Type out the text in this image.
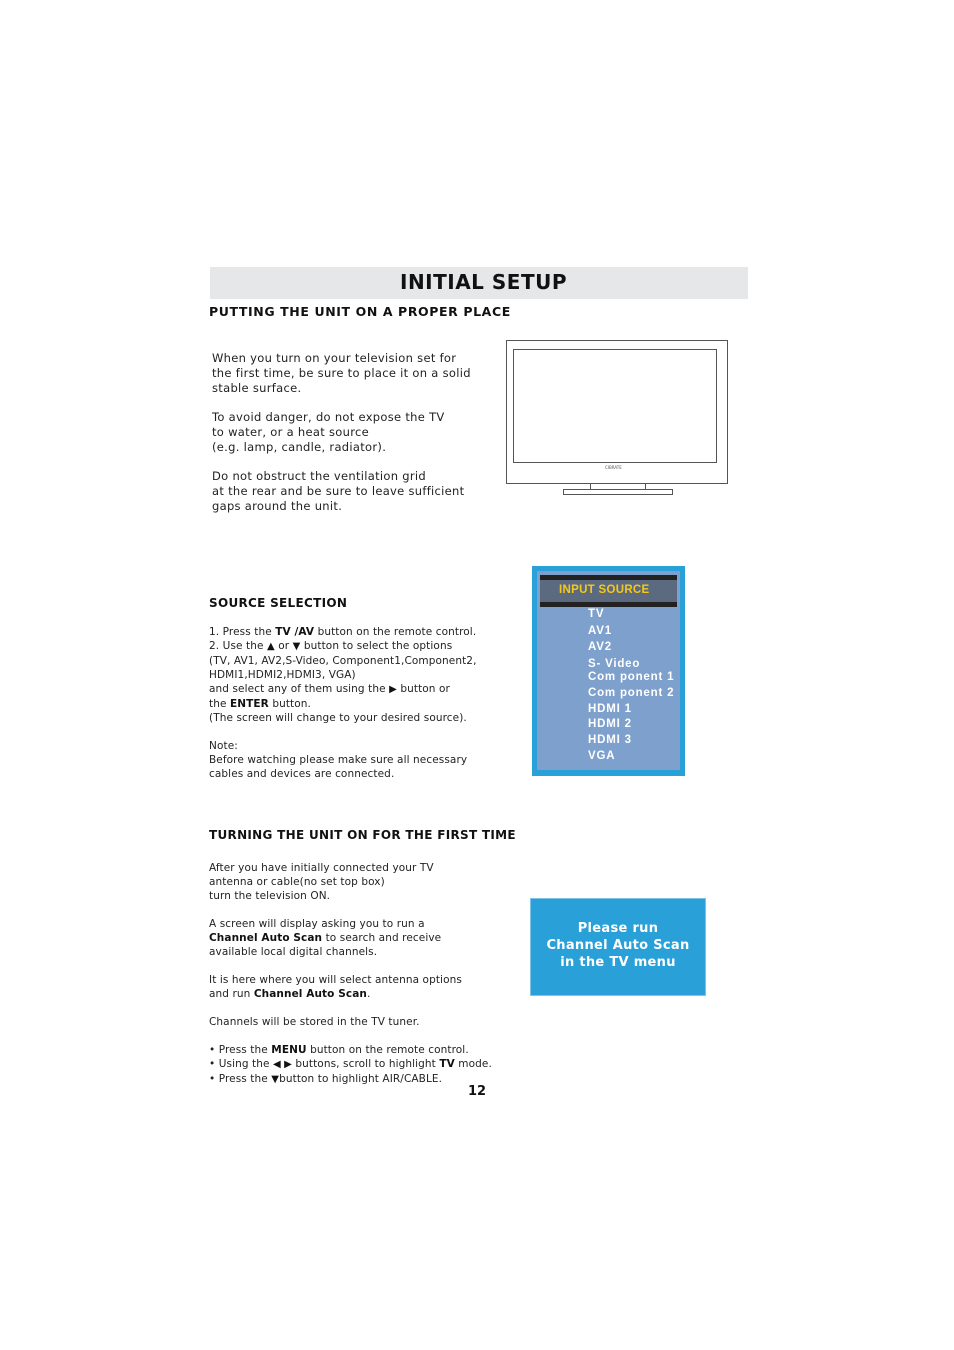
INITIAL SETUP
PUTTING THE UNIT ON A PROPER PLACE

When you turn on your television set for

the first time, be sure to place it on a solid

stable surface.

To avoid danger, do not expose the TV

to water, or a heat source

(e.g. lamp, candle, radiator).

Do not obstruct the ventilation grid

at the rear and be sure to leave sufficient

gaps around the unit.

CIBRATE
SOURCE SELECTION

1. Press the TV /AV button on the remote control.

2. Use the ▲ or ▼ button to select the options

(TV, AV1, AV2,S-Video, Component1,Component2,

HDMI1,HDMI2,HDMI3, VGA)

and select any of them using the ▶ button or

the ENTER button.

(The screen will change to your desired source).

Note:

Before watching please make sure all necessary

cables and devices are connected.

INPUT SOURCE
TV
AV1
AV2
S- Video
Com ponent 1
Com ponent 2
HDMI 1
HDMI 2
HDMI 3
VGA
TURNING THE UNIT ON FOR THE FIRST TIME

After you have initially connected your TV

antenna or cable(no set top box)

turn the television ON.

A screen will display asking you to run a

Channel Auto Scan to search and receive

available local digital channels.

It is here where you will select antenna options

and run Channel Auto Scan.

Channels will be stored in the TV tuner.

• Press the MENU button on the remote control.

• Using the ◀ ▶ buttons, scroll to highlight TV mode.

• Press the ▼button to highlight AIR/CABLE.

Please run
Channel Auto Scan
in the TV menu
12
